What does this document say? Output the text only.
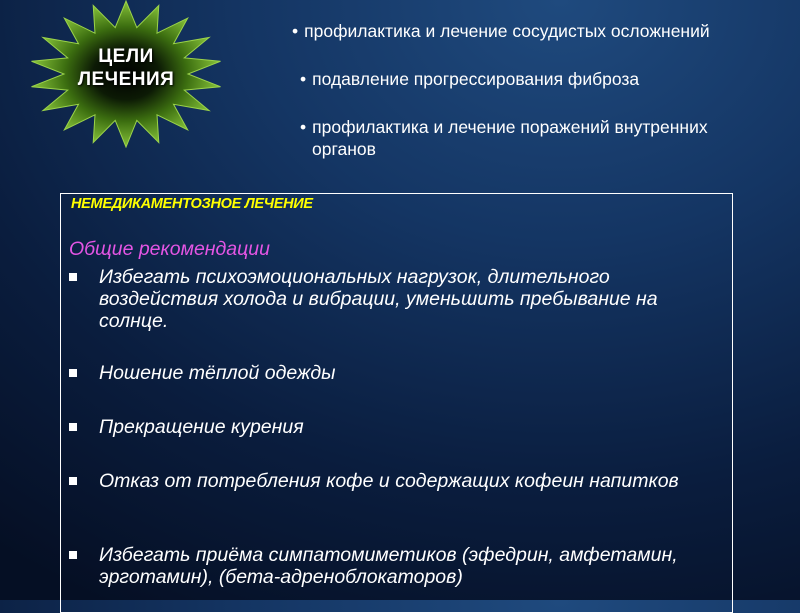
ЦЕЛИ
ЛЕЧЕНИЯ
• профилактика и лечение сосудистых осложнений
• подавление прогрессирования фиброза
• профилактика и лечение поражений внутренних
органов
НЕМЕДИКАМЕНТОЗНОЕ ЛЕЧЕНИЕ
Общие рекомендации
Избегать психоэмоциональных нагрузок, длительного воздействия холода и вибрации, уменьшить пребывание на солнце.
Ношение тёплой одежды
Прекращение курения
Отказ от потребления кофе и содержащих кофеин напитков
Избегать приёма симпатомиметиков (эфедрин, амфетамин, эрготамин), (бета-адреноблокаторов)
